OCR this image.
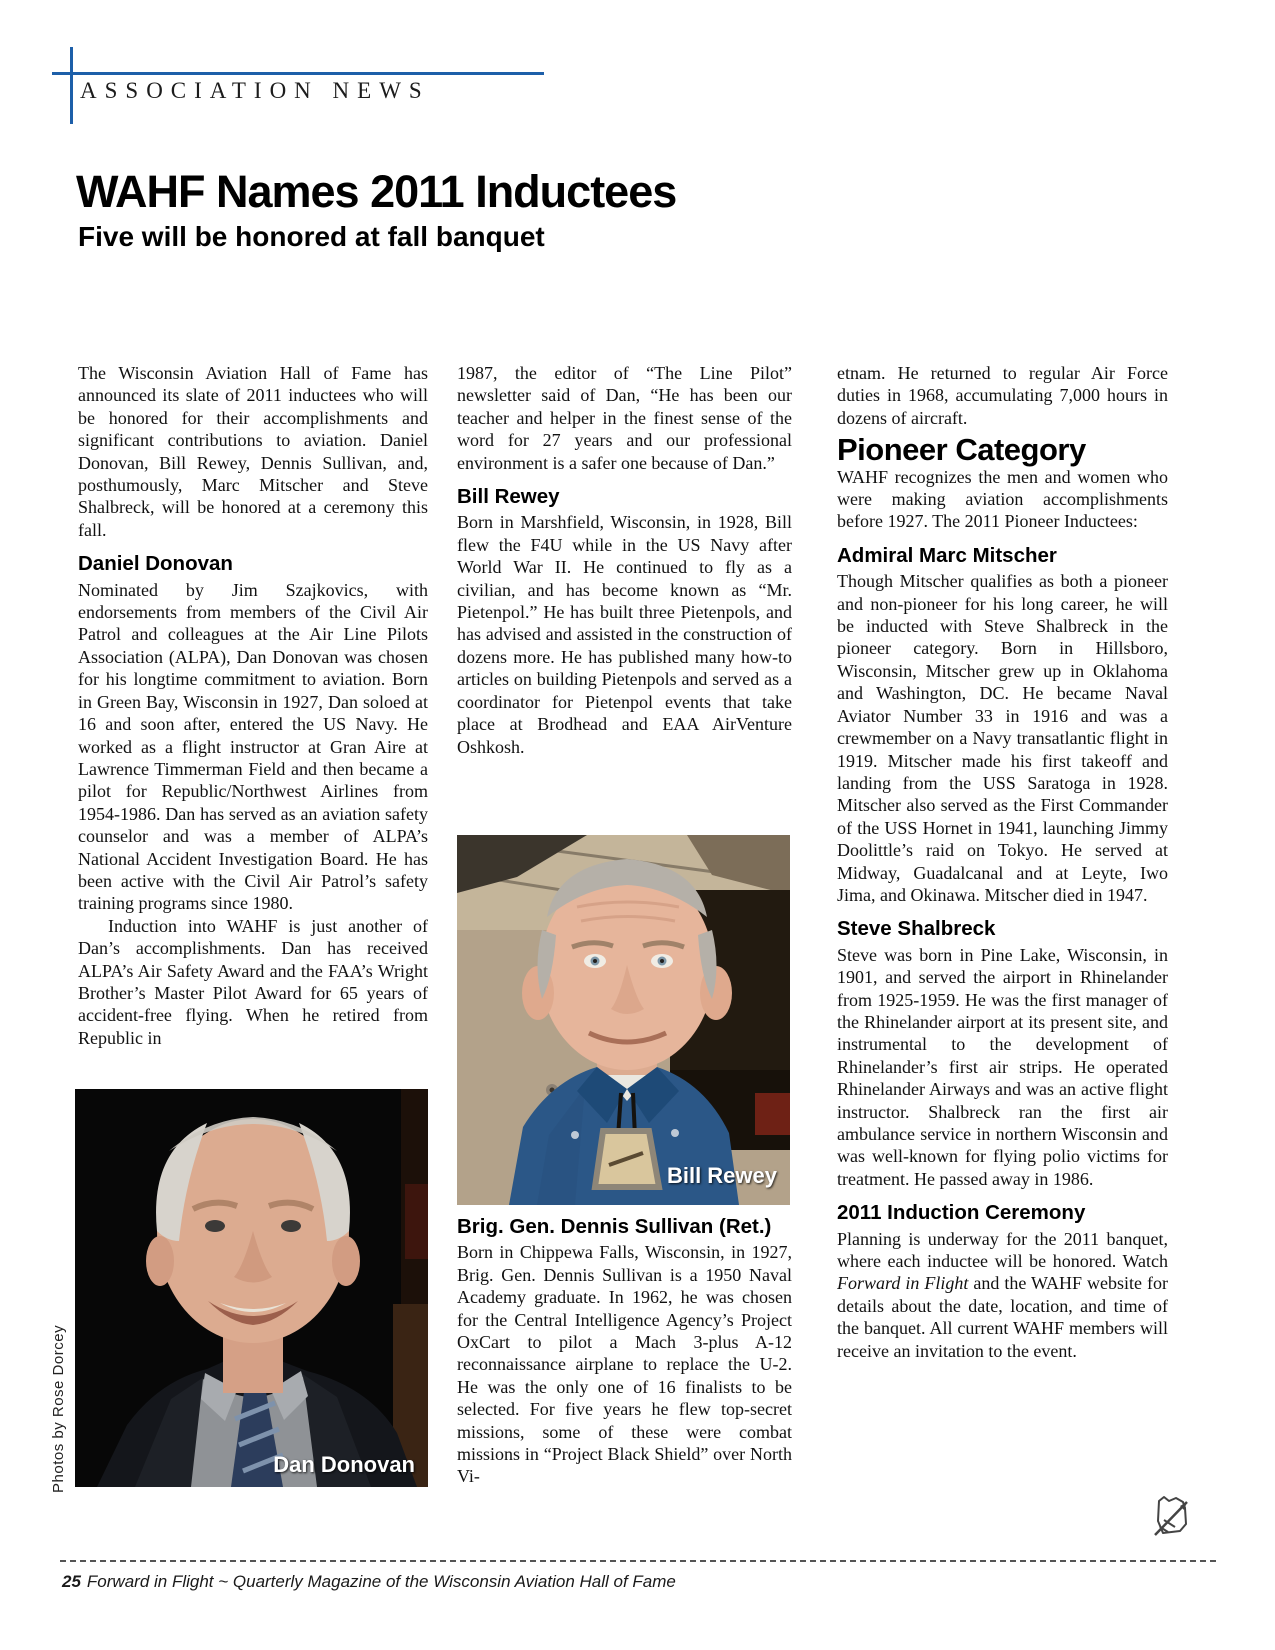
ASSOCIATION NEWS
WAHF Names 2011 Inductees
Five will be honored at fall banquet

The Wisconsin Aviation Hall of Fame has announced its slate of 2011 inductees who will be honored for their accomplishments and significant contributions to aviation. Daniel Donovan, Bill Rewey, Dennis Sullivan, and, posthumously, Marc Mitscher and Steve Shalbreck, will be honored at a ceremony this fall.

Daniel Donovan

Nominated by Jim Szajkovics, with endorsements from members of the Civil Air Patrol and colleagues at the Air Line Pilots Association (ALPA), Dan Donovan was chosen for his longtime commitment to aviation. Born in Green Bay, Wisconsin in 1927, Dan soloed at 16 and soon after, entered the US Navy. He worked as a flight instructor at Gran Aire at Lawrence Timmerman Field and then became a pilot for Republic/Northwest Airlines from 1954-1986. Dan has served as an aviation safety counselor and was a member of ALPA’s National Accident Investigation Board. He has been active with the Civil Air Patrol’s safety training programs since 1980.

Induction into WAHF is just another of Dan’s accomplishments. Dan has received ALPA’s Air Safety Award and the FAA’s Wright Brother’s Master Pilot Award for 65 years of accident-free flying. When he retired from Republic in

1987, the editor of “The Line Pilot” newsletter said of Dan, “He has been our teacher and helper in the finest sense of the word for 27 years and our professional environment is a safer one because of Dan.”

Bill Rewey

Born in Marshfield, Wisconsin, in 1928, Bill flew the F4U while in the US Navy after World War II. He continued to fly as a civilian, and has become known as “Mr. Pietenpol.” He has built three Pietenpols, and has advised and assisted in the construction of dozens more. He has published many how-to articles on building Pietenpols and served as a coordinator for Pietenpol events that take place at Brodhead and EAA AirVenture Oshkosh.

Brig. Gen. Dennis Sullivan (Ret.)

Born in Chippewa Falls, Wisconsin, in 1927, Brig. Gen. Dennis Sullivan is a 1950 Naval Academy graduate. In 1962, he was chosen for the Central Intelligence Agency’s Project OxCart to pilot a Mach 3-plus A-12 reconnaissance airplane to replace the U-2. He was the only one of 16 finalists to be selected. For five years he flew top-secret missions, some of these were combat missions in “Project Black Shield” over North Vi-

etnam. He returned to regular Air Force duties in 1968, accumulating 7,000 hours in dozens of aircraft.

Pioneer Category

WAHF recognizes the men and women who were making aviation accomplishments before 1927. The 2011 Pioneer Inductees:

Admiral Marc Mitscher

Though Mitscher qualifies as both a pioneer and non-pioneer for his long career, he will be inducted with Steve Shalbreck in the pioneer category. Born in Hillsboro, Wisconsin, Mitscher grew up in Oklahoma and Washington, DC. He became Naval Aviator Number 33 in 1916 and was a crewmember on a Navy transatlantic flight in 1919. Mitscher made his first takeoff and landing from the USS Saratoga in 1928. Mitscher also served as the First Commander of the USS Hornet in 1941, launching Jimmy Doolittle’s raid on Tokyo. He served at Midway, Guadalcanal and at Leyte, Iwo Jima, and Okinawa. Mitscher died in 1947.

Steve Shalbreck

Steve was born in Pine Lake, Wisconsin, in 1901, and served the airport in Rhinelander from 1925-1959. He was the first manager of the Rhinelander airport at its present site, and instrumental to the development of Rhinelander’s first air strips. He operated Rhinelander Airways and was an active flight instructor. Shalbreck ran the first air ambulance service in northern Wisconsin and was well-known for flying polio victims for treatment. He passed away in 1986.

2011 Induction Ceremony

Planning is underway for the 2011 banquet, where each inductee will be honored. Watch Forward in Flight and the WAHF website for details about the date, location, and time of the banquet. All current WAHF members will receive an invitation to the event.

Dan Donovan
Bill Rewey
Photos by Rose Dorcey
25 Forward in Flight ~ Quarterly Magazine of the Wisconsin Aviation Hall of Fame
